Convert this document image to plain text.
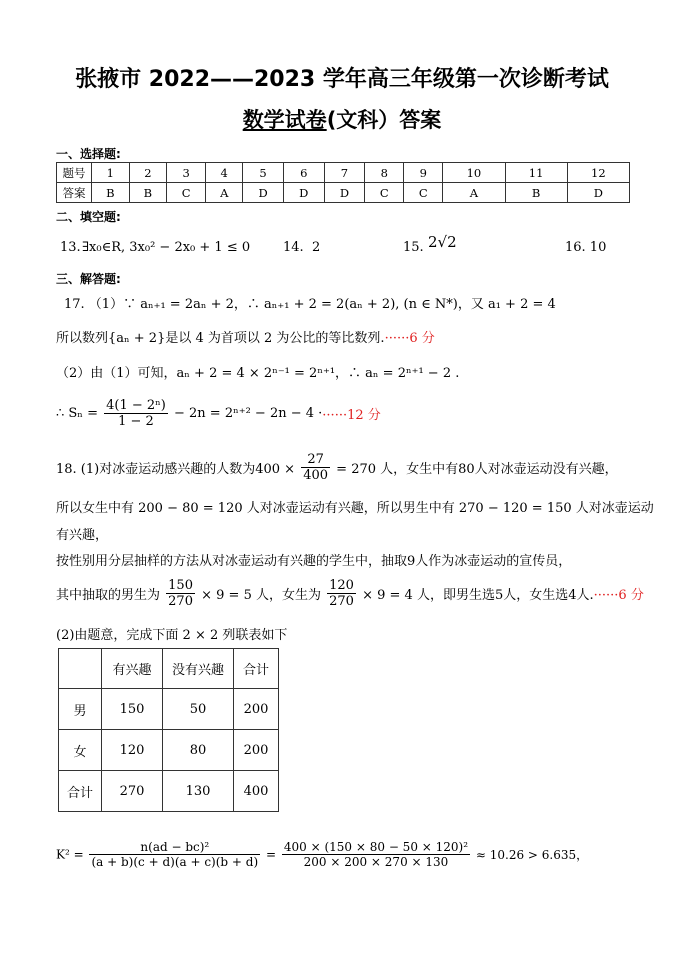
张掖市 2022——2023 学年高三年级第一次诊断考试
数学试卷(文科）答案
一、选择题:
题号	1	2	3	4	5	6	7	8	9	10	11	12
答案	B	B	C	A	D	D	D	C	C	A	B	D
二、填空题:
13. ∃x₀∈R, 3x₀² − 2x₀ + 1 ≤ 0	14. 2	15. 2√2	16. 10
三、解答题:
17. （1）∵ aₙ₊₁ = 2aₙ + 2，∴ aₙ₊₁ + 2 = 2(aₙ + 2), (n ∈ N*)，又 a₁ + 2 = 4
所以数列{aₙ + 2}是以 4 为首项以 2 为公比的等比数列.······6 分
（2）由（1）可知，aₙ + 2 = 4 × 2ⁿ⁻¹ = 2ⁿ⁺¹，∴ aₙ = 2ⁿ⁺¹ − 2 .
∴ $S_n = \frac{\text{4(1 − 2ⁿ)}}{1 - 2} - 2n = 2^{n+2} - 2n - 4 \cdot\cdot\cdot\cdot\cdot\cdot\cdot 12$ 分
18. (1)对冰壶运动感兴趣的人数为$400 \times \frac{27}{400} = 270$ 人，女生中有80人对冰壶运动没有兴趣，
所以女生中有 200 − 80 = 120 人对冰壶运动有兴趣，所以男生中有 270 − 120 = 150 人对冰壶运动
有兴趣，
按性别用分层抽样的方法从对冰壶运动有兴趣的学生中，抽取9人作为冰壶运动的宣传员，
其中抽取的男生为 $\frac{150}{270} \times 9 = 5$ 人，女生为 $\frac{120}{270} \times 9 = 4$ 人，即男生选5人，女生选4人.······6 分
(2)由题意，完成下面 2 × 2 列联表如下
	有兴趣	没有兴趣	合计
男	150	50	200
女	120	80	200
合计	270	130	400
$K^2 = \frac{\text{n(ad − bc)²}}{(a + b)(c + d)(a + c)(b + d)} = \frac{\text{400 × (150 × 80 − 50 × 120)²}}{200 \times 200 \times 270 \times 130} \approx 10.26 > 6.635$，
